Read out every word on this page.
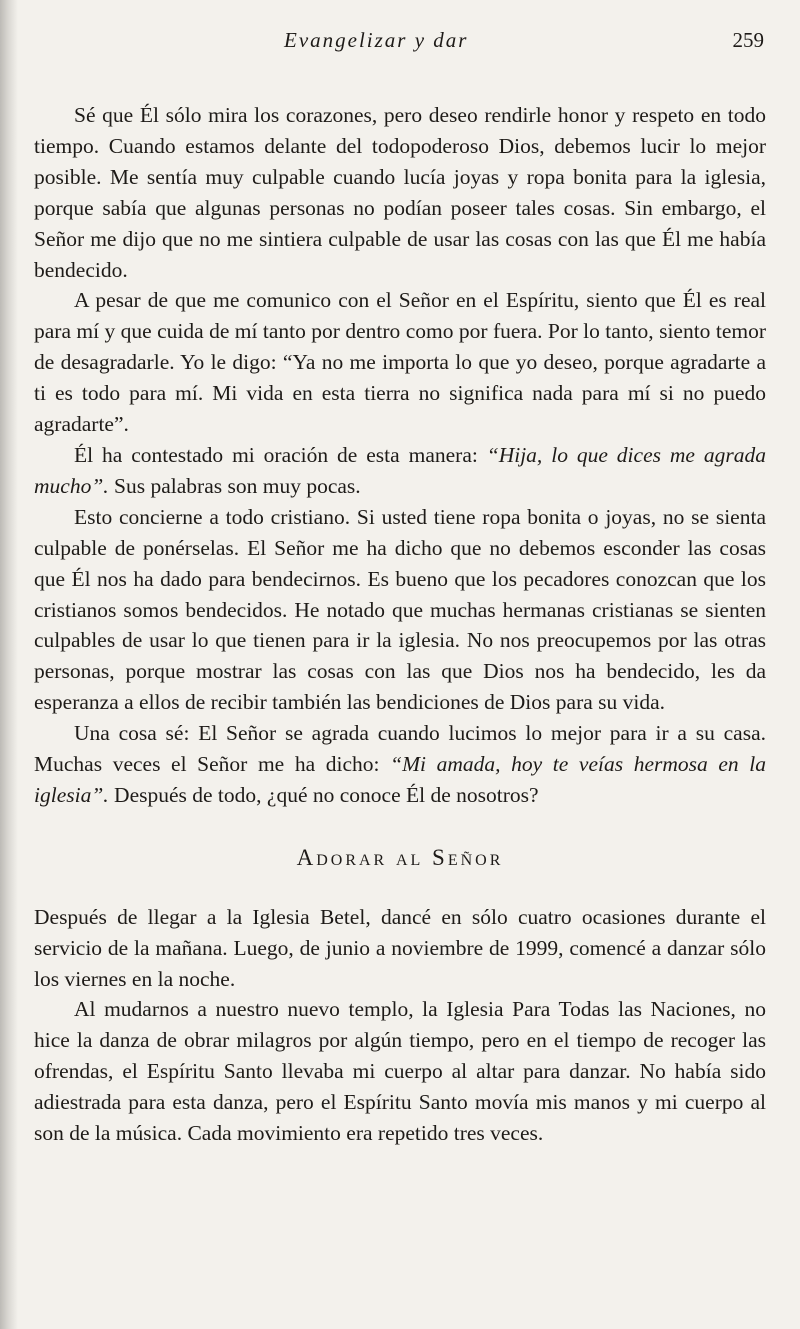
Evangelizar y dar	259

Sé que Él sólo mira los corazones, pero deseo rendirle honor y respeto en todo tiempo. Cuando estamos delante del todopoderoso Dios, debemos lucir lo mejor posible. Me sentía muy culpable cuando lucía joyas y ropa bonita para la iglesia, porque sabía que algunas personas no podían poseer tales cosas. Sin embargo, el Señor me dijo que no me sintiera culpable de usar las cosas con las que Él me había bendecido.

A pesar de que me comunico con el Señor en el Espíritu, siento que Él es real para mí y que cuida de mí tanto por dentro como por fuera. Por lo tanto, siento temor de desagradarle. Yo le digo: “Ya no me importa lo que yo deseo, porque agradarte a ti es todo para mí. Mi vida en esta tierra no significa nada para mí si no puedo agradarte”.

Él ha contestado mi oración de esta manera: “Hija, lo que dices me agrada mucho”. Sus palabras son muy pocas.

Esto concierne a todo cristiano. Si usted tiene ropa bonita o joyas, no se sienta culpable de ponérselas. El Señor me ha dicho que no debemos esconder las cosas que Él nos ha dado para bendecirnos. Es bueno que los pecadores conozcan que los cristianos somos bendecidos. He notado que muchas hermanas cristianas se sienten culpables de usar lo que tienen para ir la iglesia. No nos preocupemos por las otras personas, porque mostrar las cosas con las que Dios nos ha bendecido, les da esperanza a ellos de recibir también las bendiciones de Dios para su vida.

Una cosa sé: El Señor se agrada cuando lucimos lo mejor para ir a su casa. Muchas veces el Señor me ha dicho: “Mi amada, hoy te veías hermosa en la iglesia”. Después de todo, ¿qué no conoce Él de nosotros?

Adorar al Señor

Después de llegar a la Iglesia Betel, dancé en sólo cuatro ocasiones durante el servicio de la mañana. Luego, de junio a noviembre de 1999, comencé a danzar sólo los viernes en la noche.

Al mudarnos a nuestro nuevo templo, la Iglesia Para Todas las Naciones, no hice la danza de obrar milagros por algún tiempo, pero en el tiempo de recoger las ofrendas, el Espíritu Santo llevaba mi cuerpo al altar para danzar. No había sido adiestrada para esta danza, pero el Espíritu Santo movía mis manos y mi cuerpo al son de la música. Cada movimiento era repetido tres veces.
